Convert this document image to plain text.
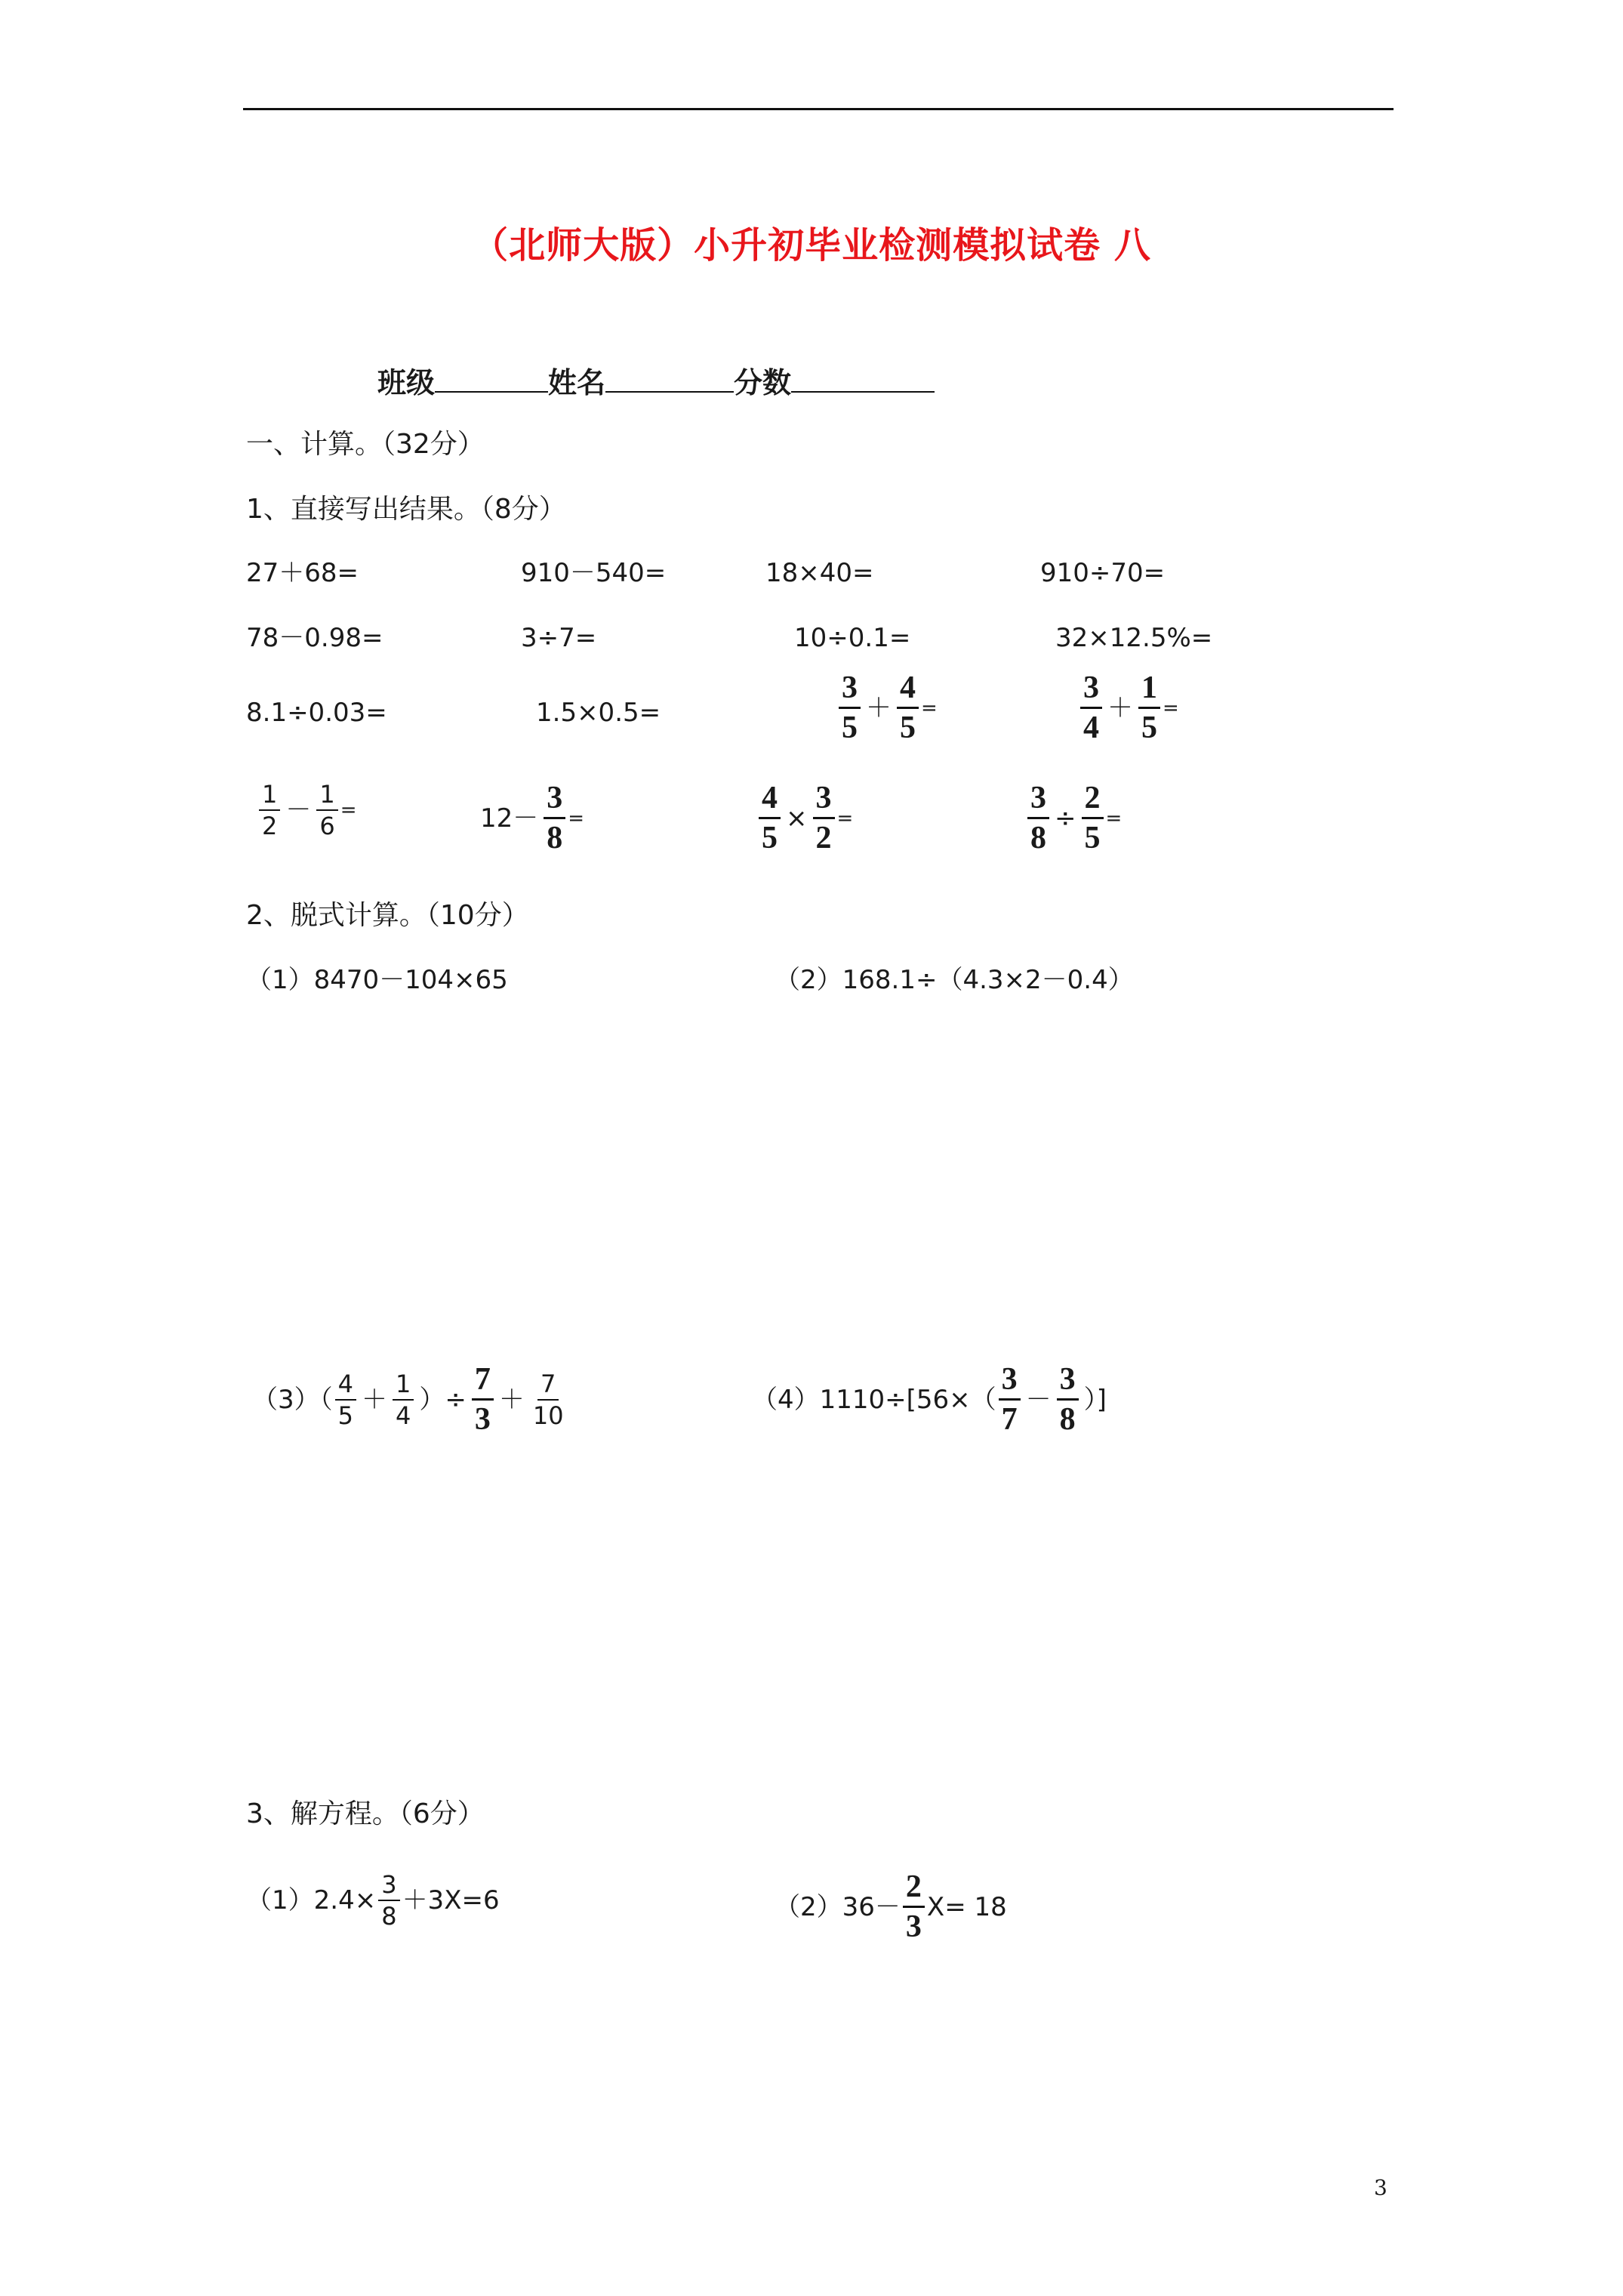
（北师大版）小升初毕业检测模拟试卷 八
班级	姓名	分数
一、计算。（32分）
1、直接写出结果。（8分）
27＋68=	910－540=	18×40=	910÷70=
78－0.98=	3÷7=	10÷0.1=	32×12.5%=
8.1÷0.03=	1.5×0.5=	$\frac{3}{5} + \frac{4}{5}$ =	$\frac{3}{4} + \frac{1}{5}$ =
$\frac{1}{2} - \frac{1}{6}$ =	$12- \frac{3}{8}$ =	$\frac{4}{5} \times \frac{3}{2}$ =	$\frac{3}{8} \div \frac{2}{5}$ =
2、脱式计算。（10分）
（1）8470－104×65	（2）168.1÷（4.3×2－0.4）
$(3)( \frac{4}{5} + \frac{1}{4}$ ）÷ $\frac{7}{3} + \frac{7}{10}$	$(4)1110\div[56\times( \frac{3}{7} - \frac{3}{8}$ ）]
3、解方程。（6分）
$(1)2.4\times \frac{3}{8} +3X=6$	$(2)36- \frac{2}{3} X= 18$
3
